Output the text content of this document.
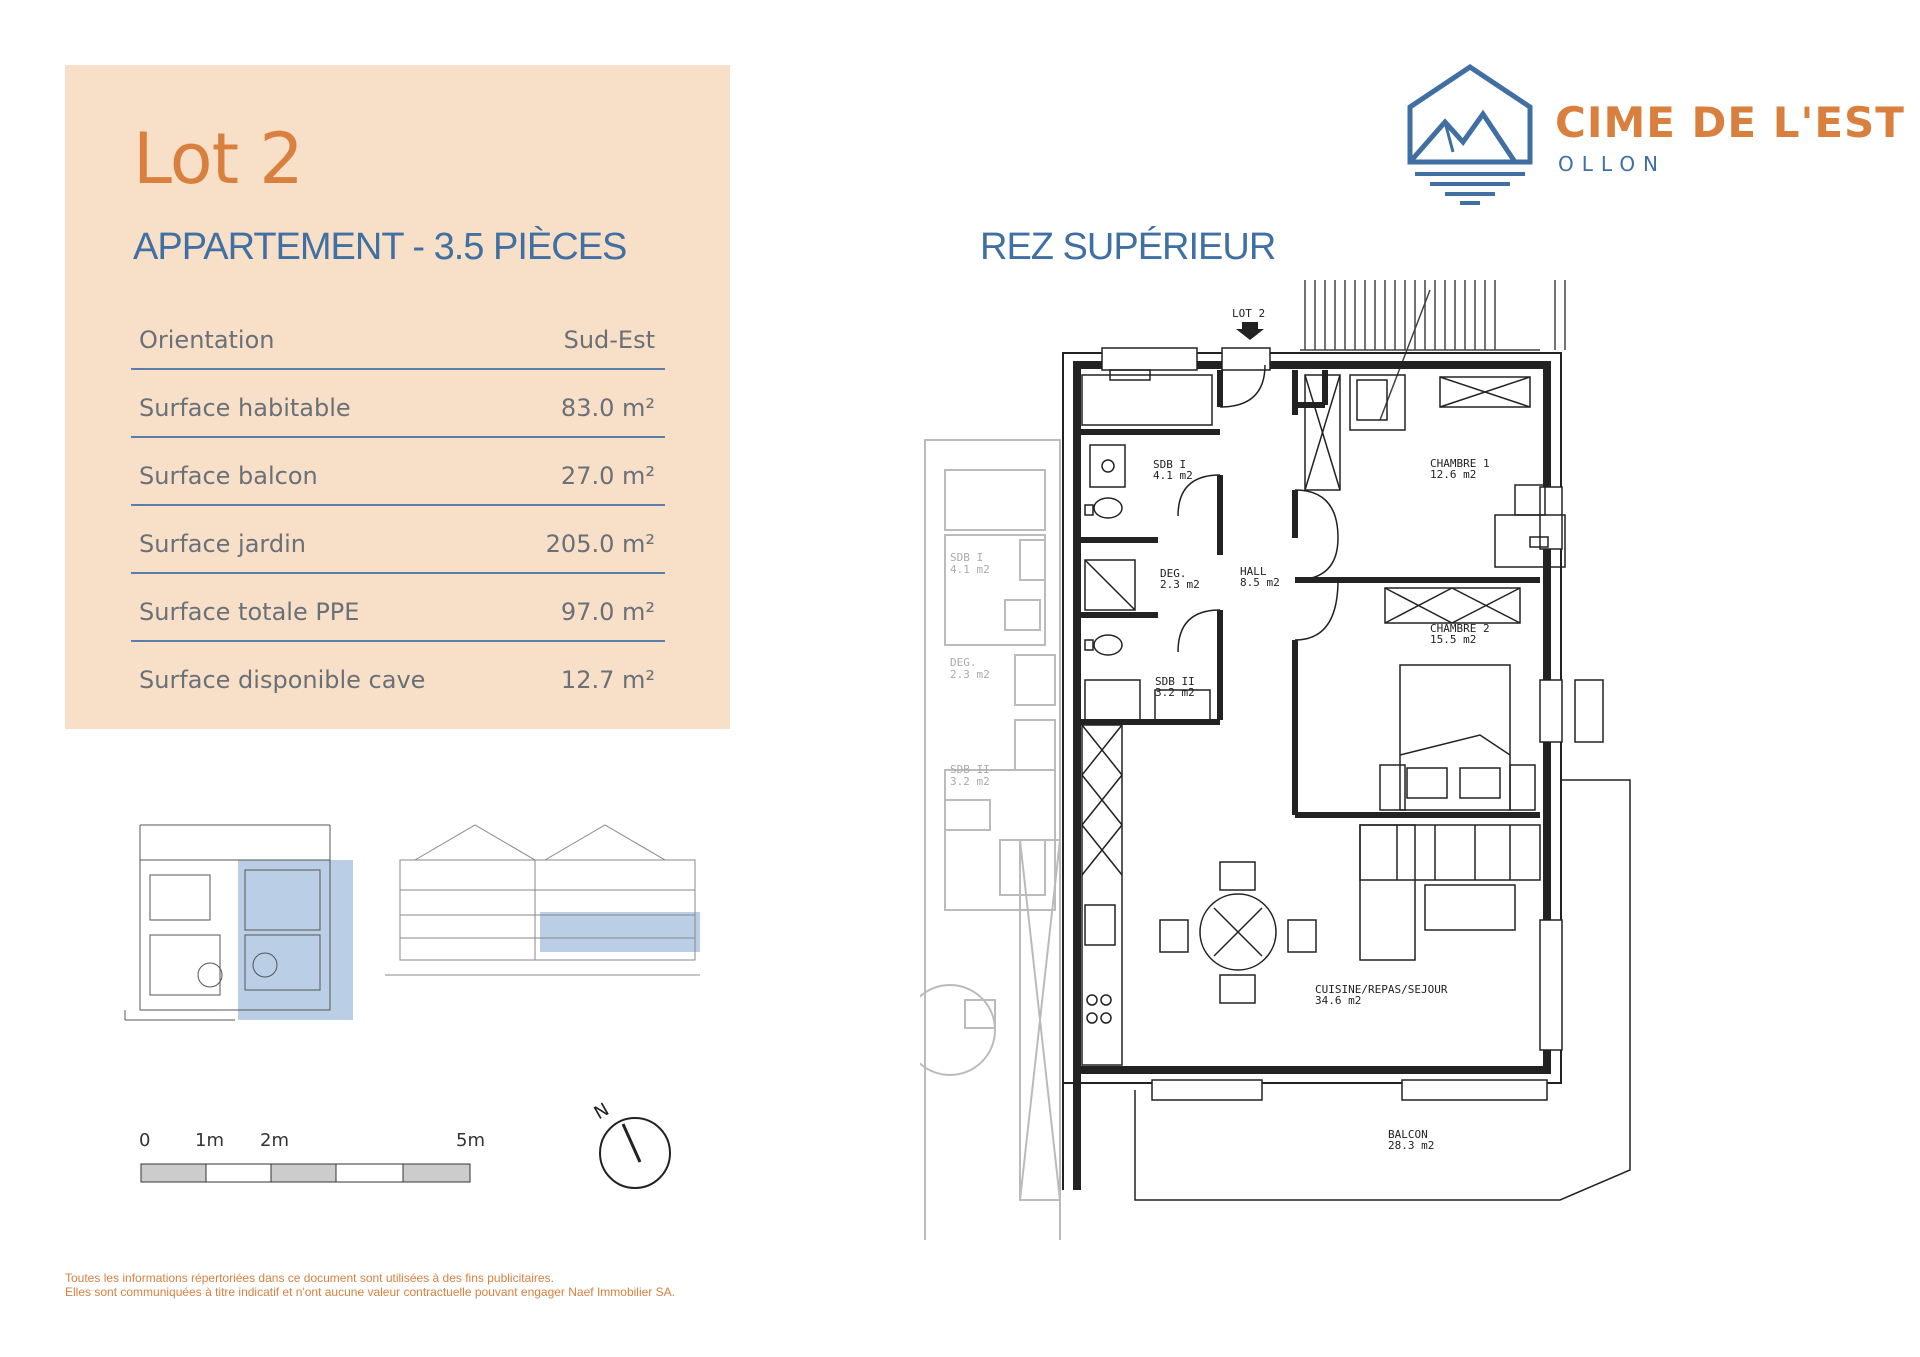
Lot 2
APPARTEMENT - 3.5 PIÈCES
Orientation	Sud-Est
Surface habitable	83.0 m²
Surface balcon	27.0 m²
Surface jardin	205.0 m²
Surface totale PPE	97.0 m²
Surface disponible cave	12.7 m²
CIME DE L'EST
OLLON
REZ SUPÉRIEUR
SDB I
4.1 m2
DEG.
2.3 m2
SDB II
3.2 m2
LOT 2
SDB I
4.1 m2
DEG.
2.3 m2
HALL
8.5 m2
CHAMBRE 1
12.6 m2
CHAMBRE 2
15.5 m2
SDB II
3.2 m2
CUISINE/REPAS/SEJOUR
34.6 m2
BALCON
28.3 m2
0 1m 2m	5m
N
Toutes les informations répertoriées dans ce document sont utilisées à des fins publicitaires.
Elles sont communiquées à titre indicatif et n'ont aucune valeur contractuelle pouvant engager Naef Immobilier SA.
